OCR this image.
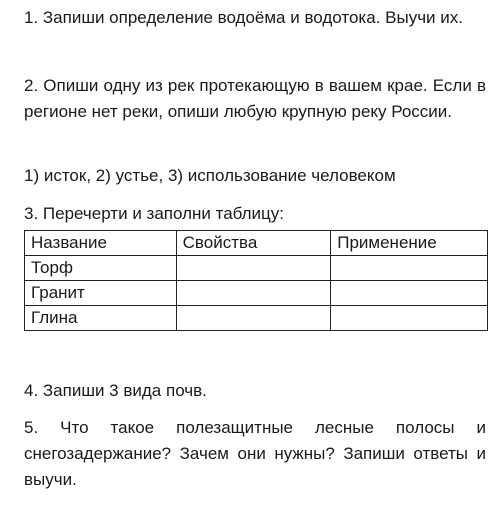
1. Запиши определение водоёма и водотока. Выучи их.

2. Опиши одну из рек протекающую в вашем крае. Если в регионе нет реки, опиши любую крупную реку России.

1) исток, 2) устье, 3) использование человеком

3. Перечерти и заполни таблицу:

Название	Свойства	Применение
Торф		
Гранит		
Глина		

4. Запиши 3 вида почв.

5. Что такое полезащитные лесные полосы и снегозадержание? Зачем они нужны? Запиши ответы и выучи.
